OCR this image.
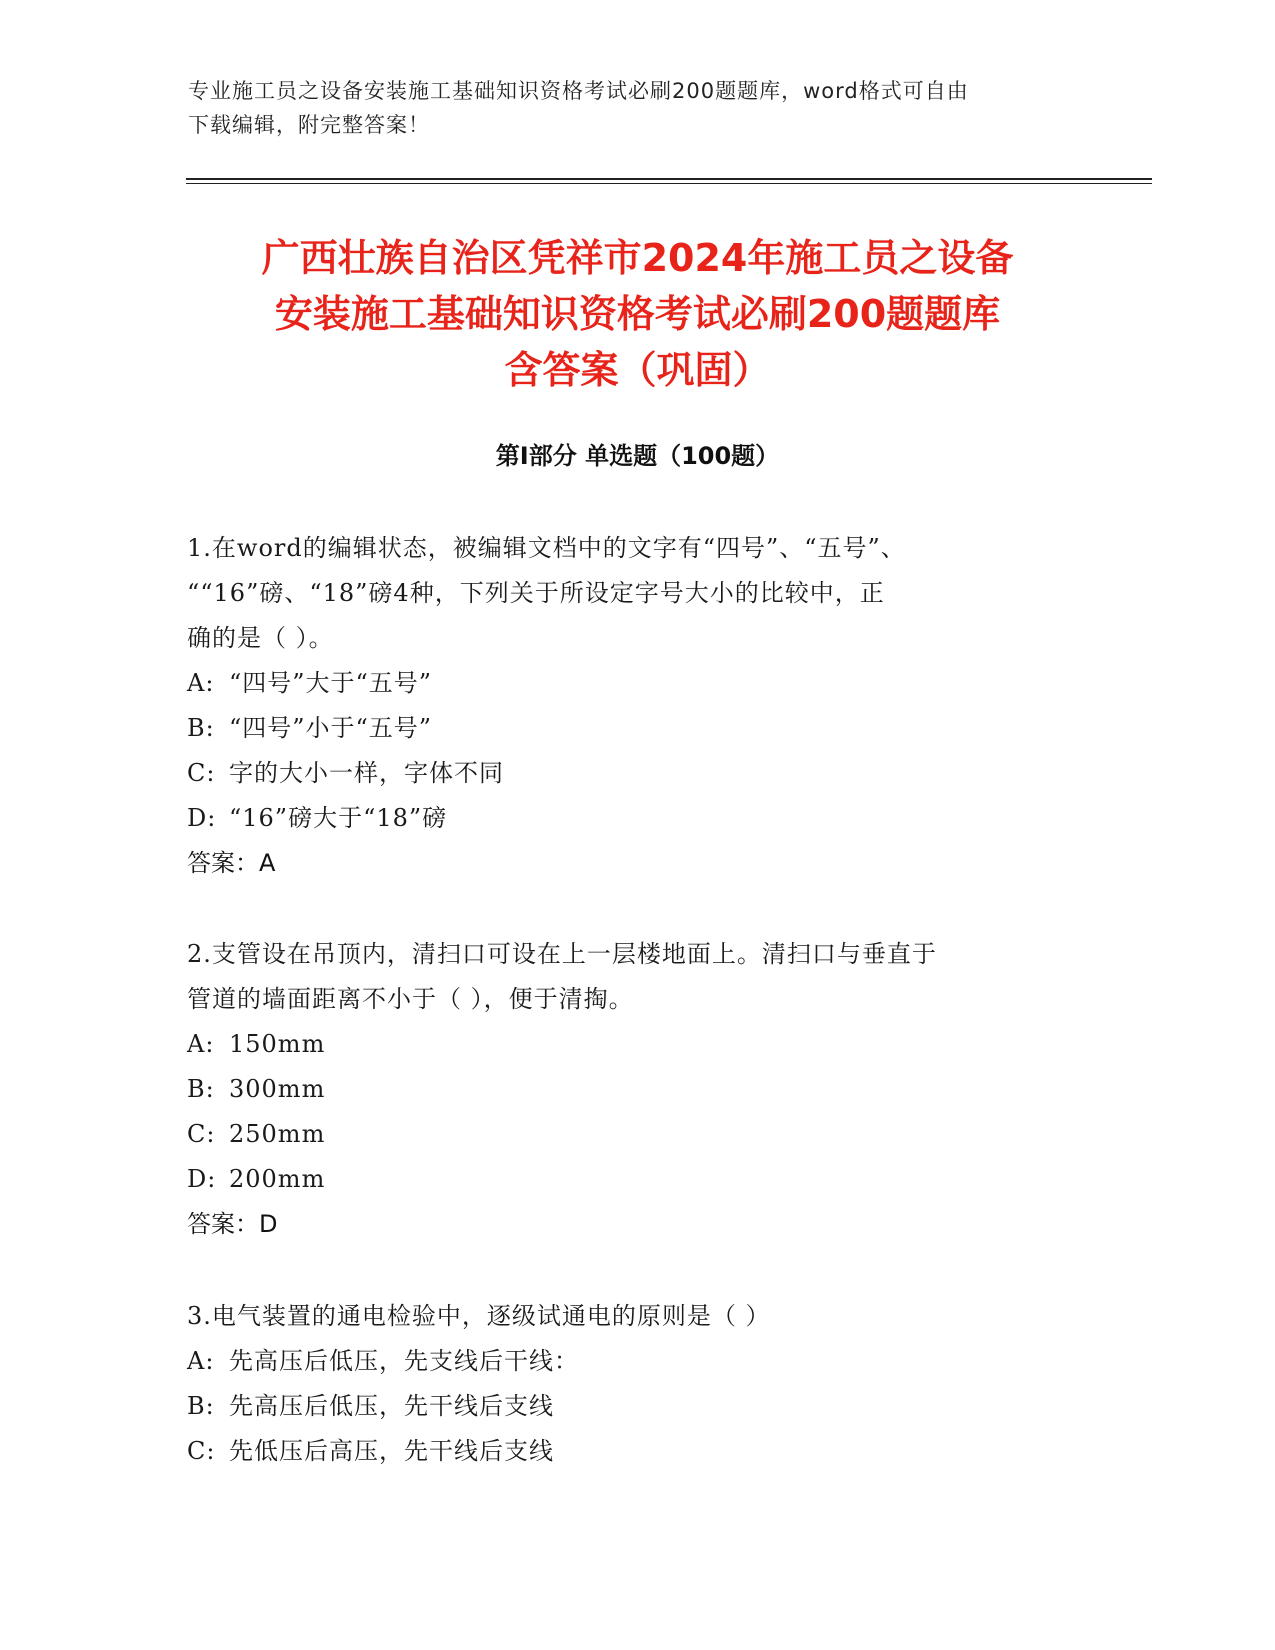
专业施工员之设备安装施工基础知识资格考试必刷200题题库，word格式可自由
下载编辑，附完整答案！
广西壮族自治区凭祥市2024年施工员之设备
安装施工基础知识资格考试必刷200题题库
含答案（巩固）
第Ⅰ部分 单选题（100题）
1.在word的编辑状态，被编辑文档中的文字有“四号”、“五号”、
““16”磅、“18”磅4种，下列关于所设定字号大小的比较中，正
确的是（ ）。
A: “四号”大于“五号”
B: “四号”小于“五号”
C: 字的大小一样，字体不同
D: “16”磅大于“18”磅
答案：A
2.支管设在吊顶内，清扫口可设在上一层楼地面上。清扫口与垂直于
管道的墙面距离不小于（ ），便于清掏。
A: 150mm
B: 300mm
C: 250mm
D: 200mm
答案：D
3.电气装置的通电检验中，逐级试通电的原则是（ ）
A: 先高压后低压，先支线后干线：
B: 先高压后低压，先干线后支线
C: 先低压后高压，先干线后支线
